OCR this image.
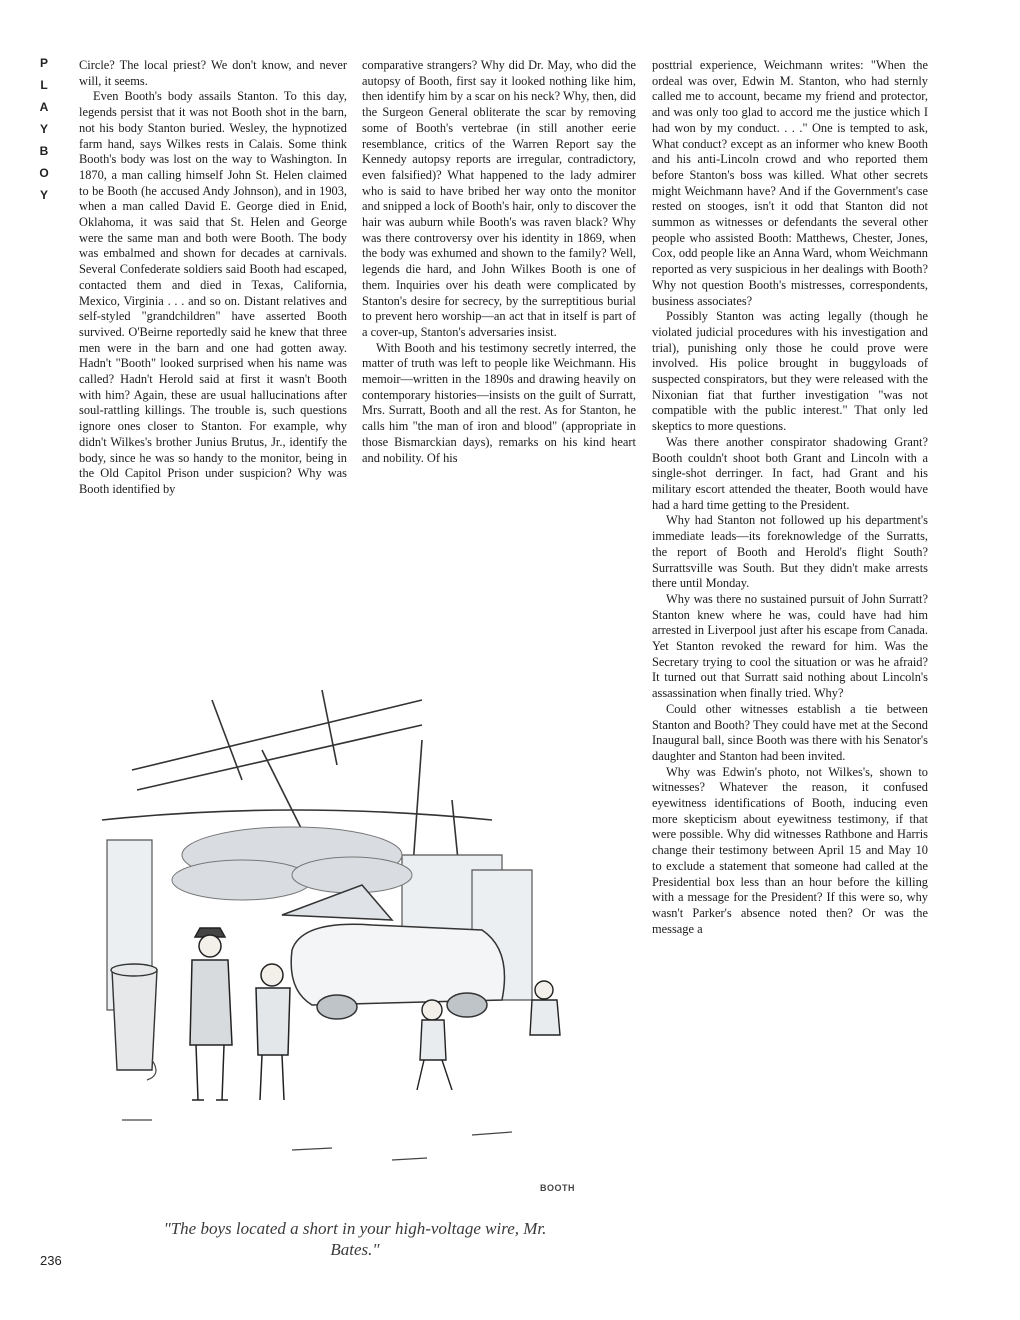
P
L
A
Y
B
O
Y

Circle? The local priest? We don't know, and never will, it seems.

Even Booth's body assails Stanton. To this day, legends persist that it was not Booth shot in the barn, not his body Stanton buried. Wesley, the hypnotized farm hand, says Wilkes rests in Calais. Some think Booth's body was lost on the way to Washington. In 1870, a man calling himself John St. Helen claimed to be Booth (he accused Andy Johnson), and in 1903, when a man called David E. George died in Enid, Oklahoma, it was said that St. Helen and George were the same man and both were Booth. The body was embalmed and shown for decades at carnivals. Several Confederate soldiers said Booth had escaped, contacted them and died in Texas, California, Mexico, Virginia . . . and so on. Distant relatives and self-styled "grandchildren" have asserted Booth survived. O'Beirne reportedly said he knew that three men were in the barn and one had gotten away. Hadn't "Booth" looked surprised when his name was called? Hadn't Herold said at first it wasn't Booth with him? Again, these are usual hallucinations after soul-rattling killings. The trouble is, such questions ignore ones closer to Stanton. For example, why didn't Wilkes's brother Junius Brutus, Jr., identify the body, since he was so handy to the monitor, being in the Old Capitol Prison under suspicion? Why was Booth identified by

comparative strangers? Why did Dr. May, who did the autopsy of Booth, first say it looked nothing like him, then identify him by a scar on his neck? Why, then, did the Surgeon General obliterate the scar by removing some of Booth's vertebrae (in still another eerie resemblance, critics of the Warren Report say the Kennedy autopsy reports are irregular, contradictory, even falsified)? What happened to the lady admirer who is said to have bribed her way onto the monitor and snipped a lock of Booth's hair, only to discover the hair was auburn while Booth's was raven black? Why was there controversy over his identity in 1869, when the body was exhumed and shown to the family? Well, legends die hard, and John Wilkes Booth is one of them. Inquiries over his death were complicated by Stanton's desire for secrecy, by the surreptitious burial to prevent hero worship—an act that in itself is part of a cover-up, Stanton's adversaries insist.

With Booth and his testimony secretly interred, the matter of truth was left to people like Weichmann. His memoir—written in the 1890s and drawing heavily on contemporary histories—insists on the guilt of Surratt, Mrs. Surratt, Booth and all the rest. As for Stanton, he calls him "the man of iron and blood" (appropriate in those Bismarckian days), remarks on his kind heart and nobility. Of his

posttrial experience, Weichmann writes: "When the ordeal was over, Edwin M. Stanton, who had sternly called me to account, became my friend and protector, and was only too glad to accord me the justice which I had won by my conduct. . . ." One is tempted to ask, What conduct? except as an informer who knew Booth and his anti-Lincoln crowd and who reported them before Stanton's boss was killed. What other secrets might Weichmann have? And if the Government's case rested on stooges, isn't it odd that Stanton did not summon as witnesses or defendants the several other people who assisted Booth: Matthews, Chester, Jones, Cox, odd people like an Anna Ward, whom Weichmann reported as very suspicious in her dealings with Booth? Why not question Booth's mistresses, correspondents, business associates?

Possibly Stanton was acting legally (though he violated judicial procedures with his investigation and trial), punishing only those he could prove were involved. His police brought in buggyloads of suspected conspirators, but they were released with the Nixonian fiat that further investigation "was not compatible with the public interest." That only led skeptics to more questions.

Was there another conspirator shadowing Grant? Booth couldn't shoot both Grant and Lincoln with a single-shot derringer. In fact, had Grant and his military escort attended the theater, Booth would have had a hard time getting to the President.

Why had Stanton not followed up his department's immediate leads—its foreknowledge of the Surratts, the report of Booth and Herold's flight South? Surrattsville was South. But they didn't make arrests there until Monday.

Why was there no sustained pursuit of John Surratt? Stanton knew where he was, could have had him arrested in Liverpool just after his escape from Canada. Yet Stanton revoked the reward for him. Was the Secretary trying to cool the situation or was he afraid? It turned out that Surratt said nothing about Lincoln's assassination when finally tried. Why?

Could other witnesses establish a tie between Stanton and Booth? They could have met at the Second Inaugural ball, since Booth was there with his Senator's daughter and Stanton had been invited.

Why was Edwin's photo, not Wilkes's, shown to witnesses? Whatever the reason, it confused eyewitness identifications of Booth, inducing even more skepticism about eyewitness testimony, if that were possible. Why did witnesses Rathbone and Harris change their testimony between April 15 and May 10 to exclude a statement that someone had called at the Presidential box less than an hour before the killing with a message for the President? If this were so, why wasn't Parker's absence noted then? Or was the message a

BOOTH
"The boys located a short in your high-voltage wire, Mr. Bates."
236
